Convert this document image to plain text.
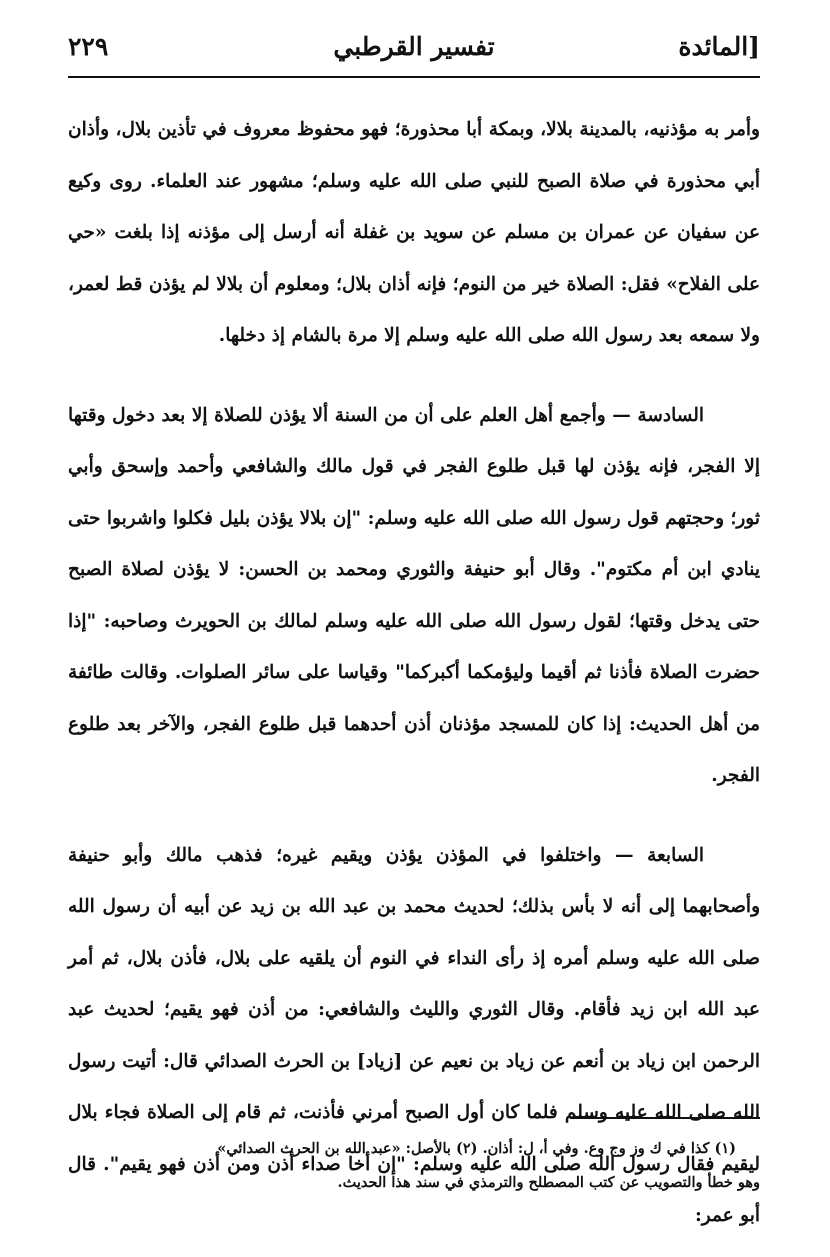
[المائدة
تفسير القرطبي
٢٢٩

وأمر به مؤذنيه، بالمدينة بلالا، وبمكة أبا محذورة؛ فهو محفوظ معروف في تأذين بلال، وأذان أبي محذورة في صلاة الصبح للنبي صلى الله عليه وسلم؛ مشهور عند العلماء. روى وكيع عن سفيان عن عمران بن مسلم عن سويد بن غفلة أنه أرسل إلى مؤذنه إذا بلغت «حي على الفلاح» فقل: الصلاة خير من النوم؛ فإنه أذان بلال؛ ومعلوم أن بلالا لم يؤذن قط لعمر، ولا سمعه بعد رسول الله صلى الله عليه وسلم إلا مرة بالشام إذ دخلها.

السادسة — وأجمع أهل العلم على أن من السنة ألا يؤذن للصلاة إلا بعد دخول وقتها إلا الفجر، فإنه يؤذن لها قبل طلوع الفجر في قول مالك والشافعي وأحمد وإسحق وأبي ثور؛ وحجتهم قول رسول الله صلى الله عليه وسلم: "إن بلالا يؤذن بليل فكلوا واشربوا حتى ينادي ابن أم مكتوم". وقال أبو حنيفة والثوري ومحمد بن الحسن: لا يؤذن لصلاة الصبح حتى يدخل وقتها؛ لقول رسول الله صلى الله عليه وسلم لمالك بن الحويرث وصاحبه: "إذا حضرت الصلاة فأذنا ثم أقيما وليؤمكما أكبركما" وقياسا على سائر الصلوات. وقالت طائفة من أهل الحديث: إذا كان للمسجد مؤذنان أذن أحدهما قبل طلوع الفجر، والآخر بعد طلوع الفجر.

السابعة — واختلفوا في المؤذن يؤذن ويقيم غيره؛ فذهب مالك وأبو حنيفة وأصحابهما إلى أنه لا بأس بذلك؛ لحديث محمد بن عبد الله بن زيد عن أبيه أن رسول الله صلى الله عليه وسلم أمره إذ رأى النداء في النوم أن يلقيه على بلال، فأذن بلال، ثم أمر عبد الله ابن زيد فأقام. وقال الثوري والليث والشافعي: من أذن فهو يقيم؛ لحديث عبد الرحمن ابن زياد بن أنعم عن زياد بن نعيم عن [زياد] بن الحرث الصدائي قال: أتيت رسول الله صلى الله عليه وسلم فلما كان أول الصبح أمرني فأذنت، ثم قام إلى الصلاة فجاء بلال ليقيم فقال رسول الله صلى الله عليه وسلم: "إن أخا صداء أذن ومن أذن فهو يقيم". قال أبو عمر:

(١) كذا في ك وز وج وع. وفي أ، ل: أذان. (٢) بالأصل: «عبد الله بن الحرث الصدائي»

وهو خطأ والتصويب عن كتب المصطلح والترمذي في سند هذا الحديث.
